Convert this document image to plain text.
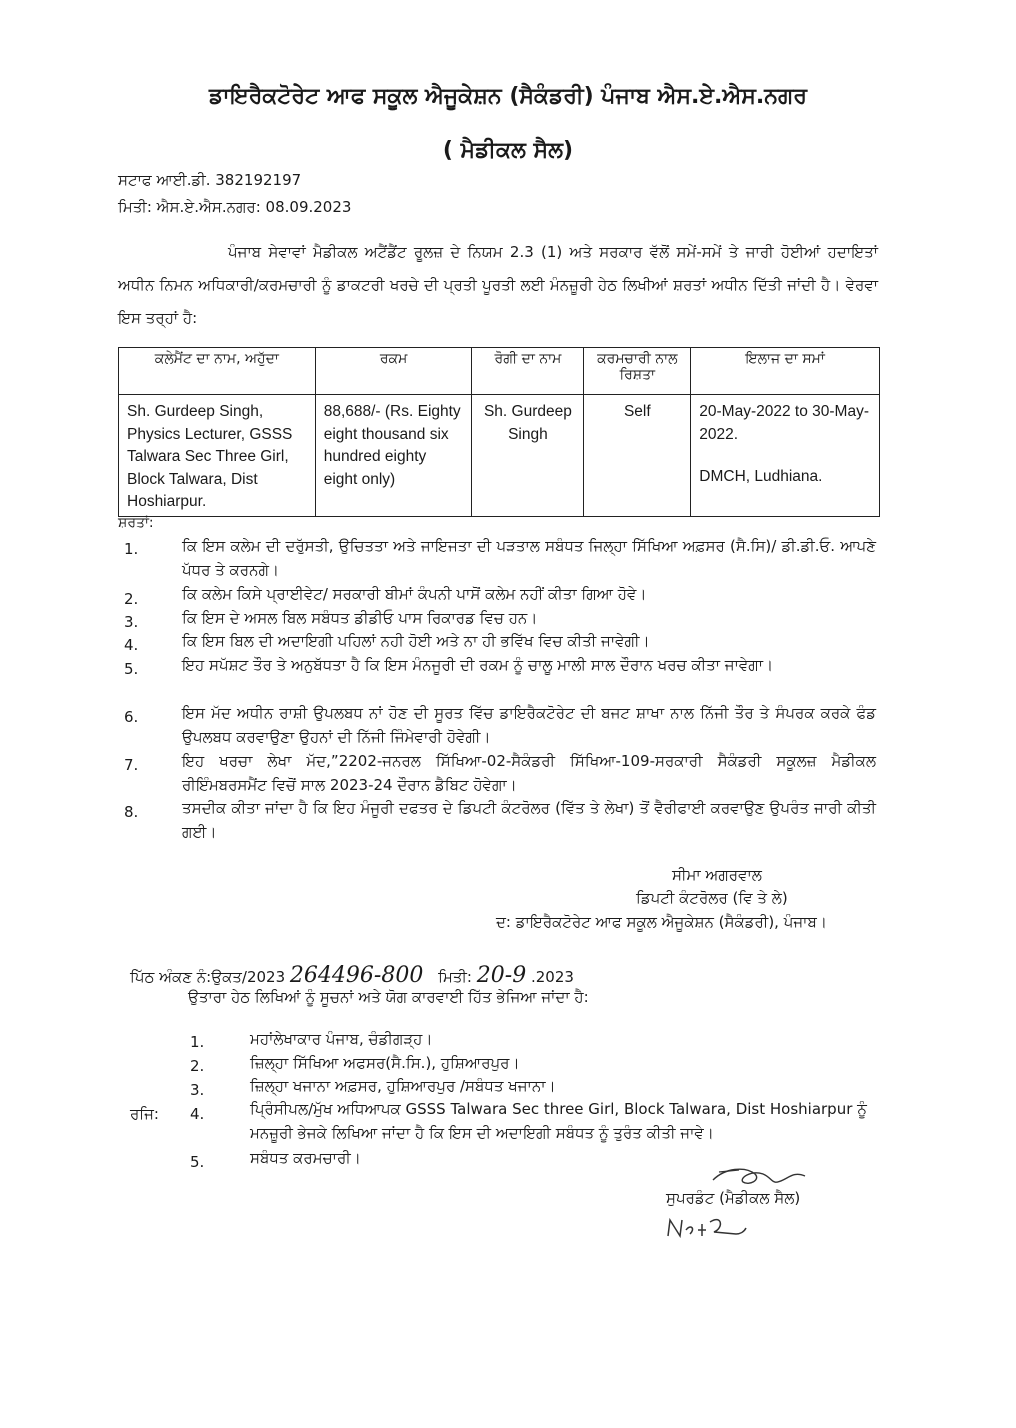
ਡਾਇਰੈਕਟੋਰੇਟ ਆਫ ਸਕੂਲ ਐਜੂਕੇਸ਼ਨ (ਸੈਕੰਡਰੀ) ਪੰਜਾਬ ਐਸ.ਏ.ਐਸ.ਨਗਰ
( ਮੈਡੀਕਲ ਸੈਲ)
ਸਟਾਫ ਆਈ.ਡੀ. 382192197
ਮਿਤੀ: ਐਸ.ਏ.ਐਸ.ਨਗਰ: 08.09.2023
ਪੰਜਾਬ ਸੇਵਾਵਾਂ ਮੈਡੀਕਲ ਅਟੈਂਡੈਂਟ ਰੂਲਜ਼ ਦੇ ਨਿਯਮ 2.3 (1) ਅਤੇ ਸਰਕਾਰ ਵੱਲੋਂ ਸਮੇਂ-ਸਮੇਂ ਤੇ ਜਾਰੀ ਹੋਈਆਂ ਹਦਾਇਤਾਂ ਅਧੀਨ ਨਿਮਨ ਅਧਿਕਾਰੀ/ਕਰਮਚਾਰੀ ਨੂੰ ਡਾਕਟਰੀ ਖਰਚੇ ਦੀ ਪ੍ਰਤੀ ਪੂਰਤੀ ਲਈ ਮੰਨਜ਼ੂਰੀ ਹੇਠ ਲਿਖੀਆਂ ਸ਼ਰਤਾਂ ਅਧੀਨ ਦਿੱਤੀ ਜਾਂਦੀ ਹੈ। ਵੇਰਵਾ ਇਸ ਤਰ੍ਹਾਂ ਹੈ:
ਕਲੇਮੈਂਟ ਦਾ ਨਾਮ, ਅਹੁੱਦਾ	ਰਕਮ	ਰੋਗੀ ਦਾ ਨਾਮ	ਕਰਮਚਾਰੀ ਨਾਲ ਰਿਸ਼ਤਾ	ਇਲਾਜ ਦਾ ਸਮਾਂ
Sh. Gurdeep Singh, Physics Lecturer, GSSS Talwara Sec Three Girl, Block Talwara, Dist Hoshiarpur.	88,688/- (Rs. Eighty eight thousand six hundred eighty eight only)	Sh. Gurdeep Singh	Self	20-May-2022 to 30-May-2022.
DMCH, Ludhiana.
ਸ਼ਰਤਾਂ:
1.	ਕਿ ਇਸ ਕਲੇਮ ਦੀ ਦਰੁੱਸਤੀ, ਉਚਿਤਤਾ ਅਤੇ ਜਾਇਜਤਾ ਦੀ ਪੜਤਾਲ ਸਬੰਧਤ ਜਿਲ੍ਹਾ ਸਿੱਖਿਆ ਅਫ਼ਸਰ (ਸੈ.ਸਿ)/ ਡੀ.ਡੀ.ਓ. ਆਪਣੇ ਪੱਧਰ ਤੇ ਕਰਨਗੇ।
2.	ਕਿ ਕਲੇਮ ਕਿਸੇ ਪ੍ਰਾਈਵੇਟ/ ਸਰਕਾਰੀ ਬੀਮਾਂ ਕੰਪਨੀ ਪਾਸੋਂ ਕਲੇਮ ਨਹੀਂ ਕੀਤਾ ਗਿਆ ਹੋਵੇ।
3.	ਕਿ ਇਸ ਦੇ ਅਸਲ ਬਿਲ ਸਬੰਧਤ ਡੀਡੀਓ ਪਾਸ ਰਿਕਾਰਡ ਵਿਚ ਹਨ।
4.	ਕਿ ਇਸ ਬਿਲ ਦੀ ਅਦਾਇਗੀ ਪਹਿਲਾਂ ਨਹੀ ਹੋਈ ਅਤੇ ਨਾ ਹੀ ਭਵਿੱਖ ਵਿਚ ਕੀਤੀ ਜਾਵੇਗੀ।
5.	ਇਹ ਸਪੱਸ਼ਟ ਤੌਰ ਤੇ ਅਨੁਬੱਧਤਾ ਹੈ ਕਿ ਇਸ ਮੰਨਜੂਰੀ ਦੀ ਰਕਮ ਨੂੰ ਚਾਲੂ ਮਾਲੀ ਸਾਲ ਦੌਰਾਨ ਖਰਚ ਕੀਤਾ ਜਾਵੇਗਾ।
6.	ਇਸ ਮੱਦ ਅਧੀਨ ਰਾਸ਼ੀ ਉਪਲਬਧ ਨਾਂ ਹੋਣ ਦੀ ਸੂਰਤ ਵਿੱਚ ਡਾਇਰੈਕਟੋਰੇਟ ਦੀ ਬਜਟ ਸ਼ਾਖਾ ਨਾਲ ਨਿੱਜੀ ਤੌਰ ਤੇ ਸੰਪਰਕ ਕਰਕੇ ਫੰਡ ਉਪਲਬਧ ਕਰਵਾਉਣਾ ਉਹਨਾਂ ਦੀ ਨਿੱਜੀ ਜਿੰਮੇਵਾਰੀ ਹੋਵੇਗੀ।
7.	ਇਹ ਖਰਚਾ ਲੇਖਾ ਮੱਦ,”2202-ਜਨਰਲ ਸਿੱਖਿਆ-02-ਸੈਕੰਡਰੀ ਸਿੱਖਿਆ-109-ਸਰਕਾਰੀ ਸੈਕੰਡਰੀ ਸਕੂਲਜ਼ ਮੈਡੀਕਲ ਰੀਇੰਮਬਰਸਮੈਂਟ ਵਿਚੋਂ ਸਾਲ 2023-24 ਦੌਰਾਨ ਡੈਬਿਟ ਹੋਵੇਗਾ।
8.	ਤਸਦੀਕ ਕੀਤਾ ਜਾਂਦਾ ਹੈ ਕਿ ਇਹ ਮੰਜੂਰੀ ਦਫਤਰ ਦੇ ਡਿਪਟੀ ਕੰਟਰੋਲਰ (ਵਿੱਤ ਤੇ ਲੇਖਾ) ਤੋਂ ਵੈਰੀਫਾਈ ਕਰਵਾਉਣ ਉਪਰੰਤ ਜਾਰੀ ਕੀਤੀ ਗਈ।
ਸੀਮਾ ਅਗਰਵਾਲ
ਡਿਪਟੀ ਕੰਟਰੋਲਰ (ਵਿ ਤੇ ਲੇ)
ਦ: ਡਾਇਰੈਕਟੋਰੇਟ ਆਫ ਸਕੂਲ ਐਜੂਕੇਸ਼ਨ (ਸੈਕੰਡਰੀ), ਪੰਜਾਬ।
ਪਿੱਠ ਅੰਕਣ ਨੰ:ਉਕਤ/2023 264496-800 ਮਿਤੀ: 20-9 .2023
ਉਤਾਰਾ ਹੇਠ ਲਿਖਿਆਂ ਨੂੰ ਸੂਚਨਾਂ ਅਤੇ ਯੋਗ ਕਾਰਵਾਈ ਹਿੱਤ ਭੇਜਿਆ ਜਾਂਦਾ ਹੈ:
1.	ਮਹਾਂਲੇਖਾਕਾਰ ਪੰਜਾਬ, ਚੰਡੀਗੜ੍ਹ।
2.	ਜ਼ਿਲ੍ਹਾ ਸਿੱਖਿਆ ਅਫਸਰ(ਸੈ.ਸਿ.), ਹੁਸ਼ਿਆਰਪੁਰ।
3.	ਜ਼ਿਲ੍ਹਾ ਖਜਾਨਾ ਅਫ਼ਸਰ, ਹੁਸ਼ਿਆਰਪੁਰ /ਸਬੰਧਤ ਖਜਾਨਾ।
ਰਜਿ: 4.	ਪ੍ਰਿੰਸੀਪਲ/ਮੁੱਖ ਅਧਿਆਪਕ GSSS Talwara Sec three Girl, Block Talwara, Dist Hoshiarpur ਨੂੰ ਮਨਜ਼ੂਰੀ ਭੇਜਕੇ ਲਿਖਿਆ ਜਾਂਦਾ ਹੈ ਕਿ ਇਸ ਦੀ ਅਦਾਇਗੀ ਸਬੰਧਤ ਨੂੰ ਤੁਰੰਤ ਕੀਤੀ ਜਾਵੇ।
5.	ਸਬੰਧਤ ਕਰਮਚਾਰੀ।
ਸੁਪਰਡੰਟ (ਮੈਡੀਕਲ ਸੈਲ)
